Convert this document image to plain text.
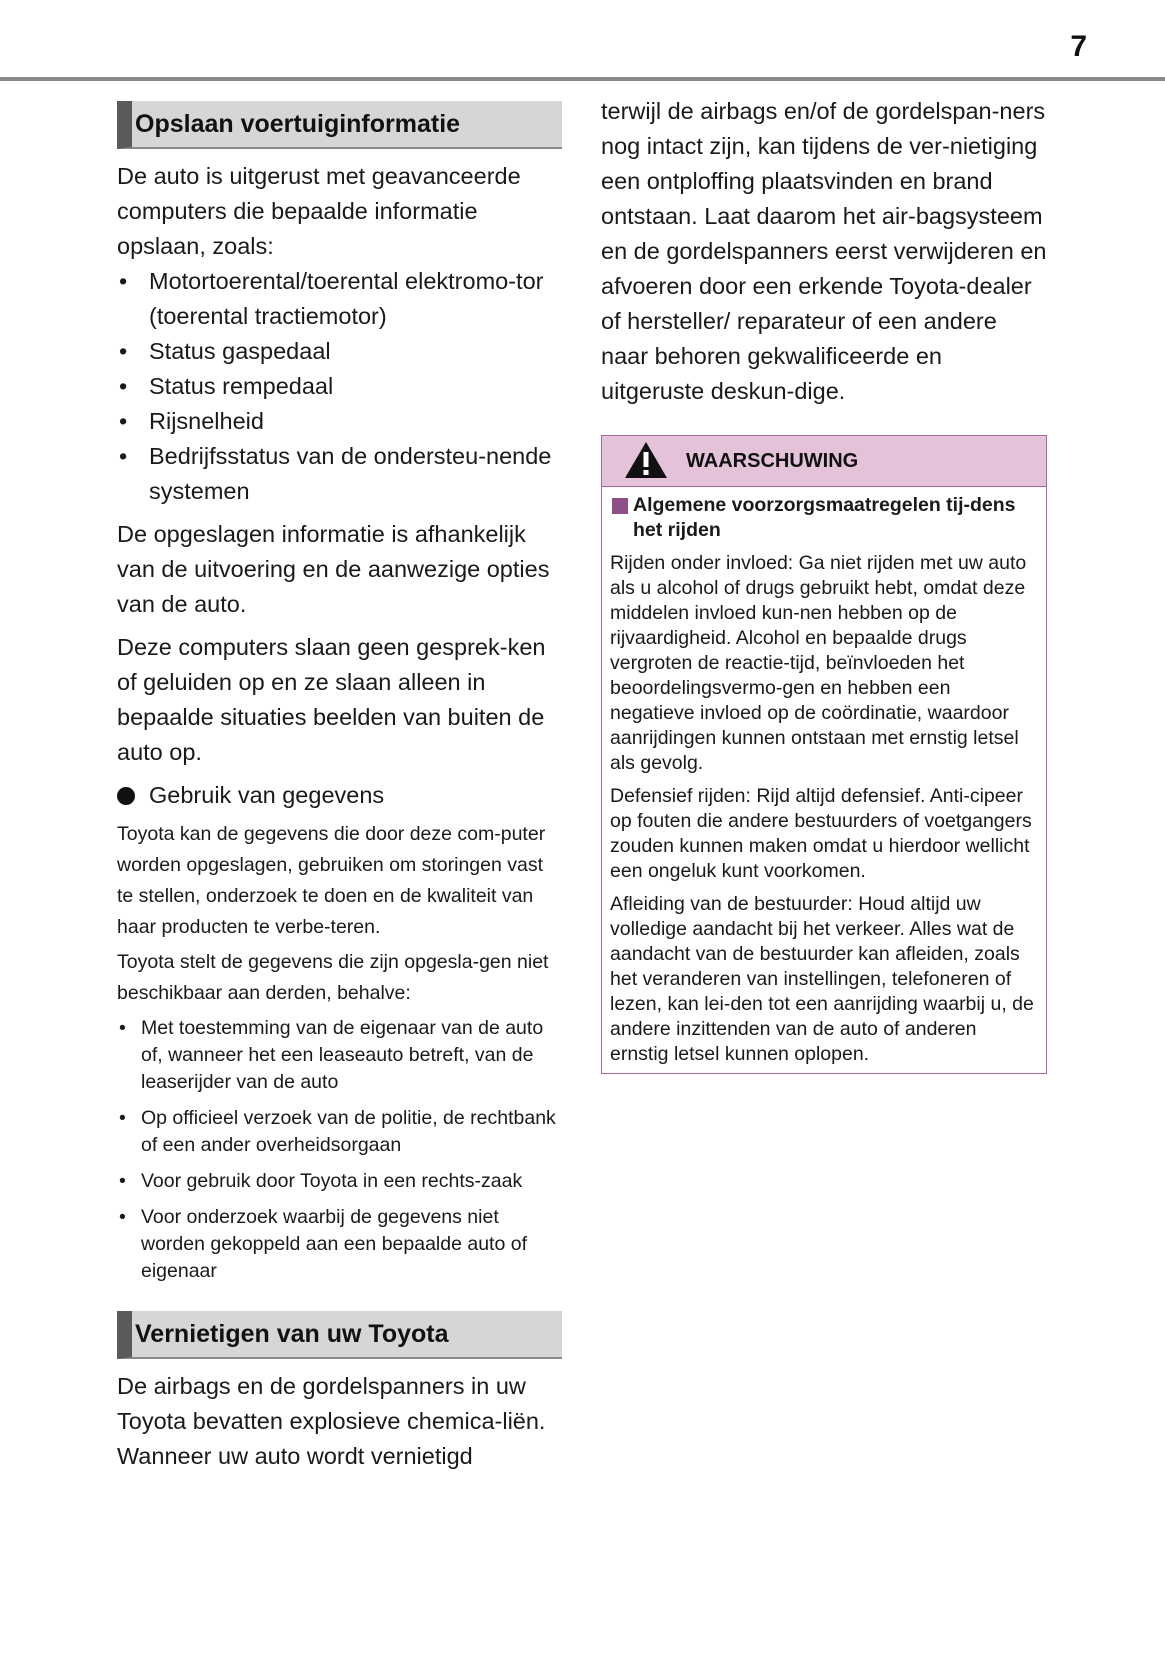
7
Opslaan voertuiginformatie

De auto is uitgerust met geavanceerde computers die bepaalde informatie opslaan, zoals:

• Motortoerental/toerental elektromo-tor (toerental tractiemotor)
• Status gaspedaal
• Status rempedaal
• Rijsnelheid
• Bedrijfsstatus van de ondersteu-nende systemen

De opgeslagen informatie is afhankelijk van de uitvoering en de aanwezige opties van de auto.

Deze computers slaan geen gesprek-ken of geluiden op en ze slaan alleen in bepaalde situaties beelden van buiten de auto op.

Gebruik van gegevens

Toyota kan de gegevens die door deze com-puter worden opgeslagen, gebruiken om storingen vast te stellen, onderzoek te doen en de kwaliteit van haar producten te verbe-teren.

Toyota stelt de gegevens die zijn opgesla-gen niet beschikbaar aan derden, behalve:

• Met toestemming van de eigenaar van de auto of, wanneer het een leaseauto betreft, van de leaserijder van de auto
• Op officieel verzoek van de politie, de rechtbank of een ander overheidsorgaan
• Voor gebruik door Toyota in een rechts-zaak
• Voor onderzoek waarbij de gegevens niet worden gekoppeld aan een bepaalde auto of eigenaar
Vernietigen van uw Toyota

De airbags en de gordelspanners in uw Toyota bevatten explosieve chemica-liën. Wanneer uw auto wordt vernietigd

terwijl de airbags en/of de gordelspan-ners nog intact zijn, kan tijdens de ver-nietiging een ontploffing plaatsvinden en brand ontstaan. Laat daarom het air-bagsysteem en de gordelspanners eerst verwijderen en afvoeren door een erkende Toyota-dealer of hersteller/ reparateur of een andere naar behoren gekwalificeerde en uitgeruste deskun-dige.

WAARSCHUWING
Algemene voorzorgsmaatregelen tij-dens het rijden

Rijden onder invloed: Ga niet rijden met uw auto als u alcohol of drugs gebruikt hebt, omdat deze middelen invloed kun-nen hebben op de rijvaardigheid. Alcohol en bepaalde drugs vergroten de reactie-tijd, beïnvloeden het beoordelingsvermo-gen en hebben een negatieve invloed op de coördinatie, waardoor aanrijdingen kunnen ontstaan met ernstig letsel als gevolg.

Defensief rijden: Rijd altijd defensief. Anti-cipeer op fouten die andere bestuurders of voetgangers zouden kunnen maken omdat u hierdoor wellicht een ongeluk kunt voorkomen.

Afleiding van de bestuurder: Houd altijd uw volledige aandacht bij het verkeer. Alles wat de aandacht van de bestuurder kan afleiden, zoals het veranderen van instellingen, telefoneren of lezen, kan lei-den tot een aanrijding waarbij u, de andere inzittenden van de auto of anderen ernstig letsel kunnen oplopen.
